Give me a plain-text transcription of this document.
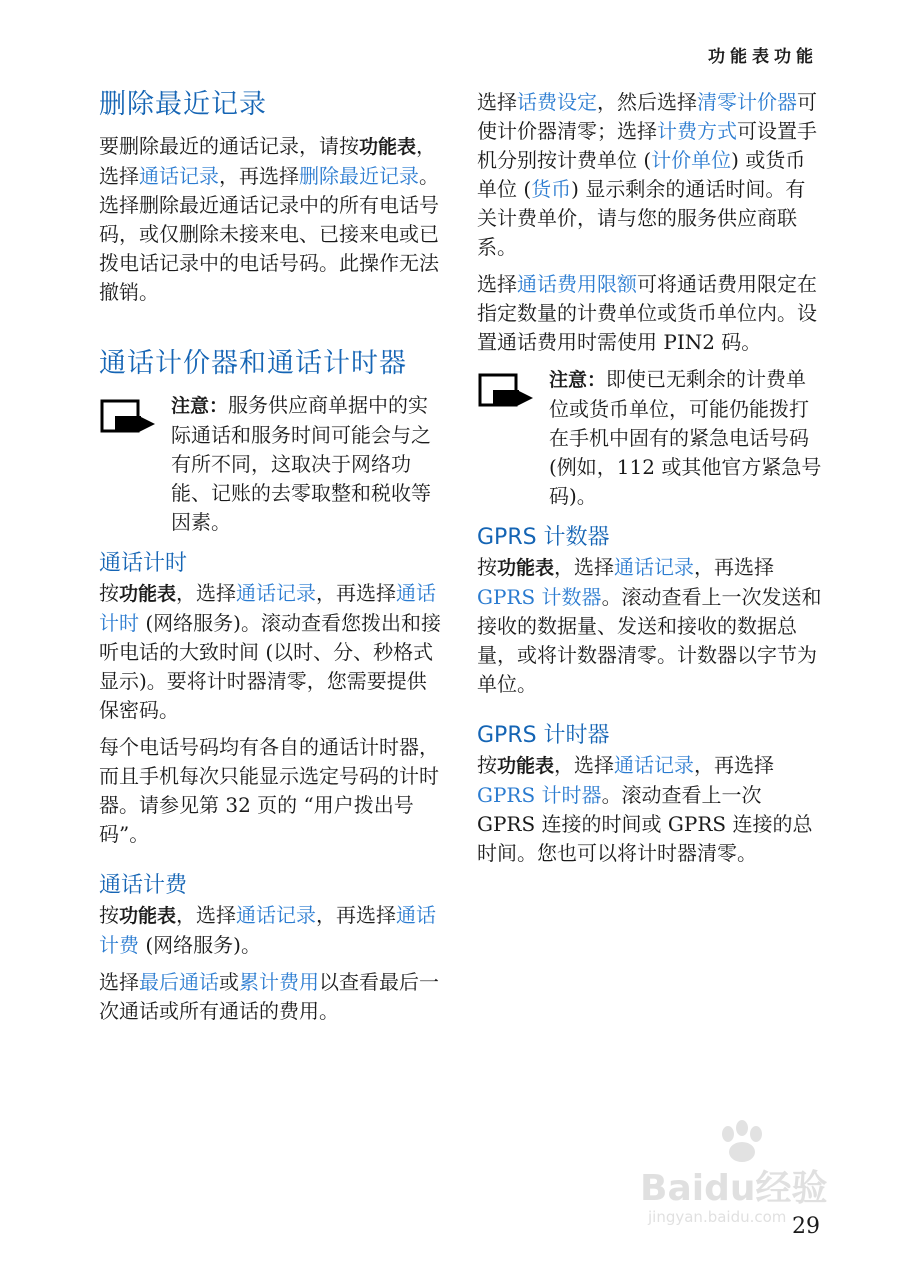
功能表功能
删除最近记录

要删除最近的通话记录，请按功能表，选择通话记录，再选择删除最近记录。选择删除最近通话记录中的所有电话号码，或仅删除未接来电、已接来电或已拨电话记录中的电话号码。此操作无法撤销。

通话计价器和通话计时器
注意：服务供应商单据中的实际通话和服务时间可能会与之有所不同，这取决于网络功能、记账的去零取整和税收等因素。
通话计时

按功能表，选择通话记录，再选择通话计时 (网络服务)。滚动查看您拨出和接听电话的大致时间 (以时、分、秒格式显示)。要将计时器清零，您需要提供保密码。

每个电话号码均有各自的通话计时器，而且手机每次只能显示选定号码的计时器。请参见第 32 页的 “用户拨出号码”。

通话计费

按功能表，选择通话记录，再选择通话计费 (网络服务)。

选择最后通话或累计费用以查看最后一次通话或所有通话的费用。

选择话费设定，然后选择清零计价器可使计价器清零；选择计费方式可设置手机分别按计费单位 (计价单位) 或货币单位 (货币) 显示剩余的通话时间。有关计费单价，请与您的服务供应商联系。

选择通话费用限额可将通话费用限定在指定数量的计费单位或货币单位内。设置通话费用时需使用 PIN2 码。

注意：即使已无剩余的计费单位或货币单位，可能仍能拨打在手机中固有的紧急电话号码 (例如，112 或其他官方紧急号码)。
GPRS 计数器

按功能表，选择通话记录，再选择 GPRS 计数器。滚动查看上一次发送和接收的数据量、发送和接收的数据总量，或将计数器清零。计数器以字节为单位。

GPRS 计时器

按功能表，选择通话记录，再选择 GPRS 计时器。滚动查看上一次 GPRS 连接的时间或 GPRS 连接的总时间。您也可以将计时器清零。

Baidu经验
jingyan.baidu.com 29
